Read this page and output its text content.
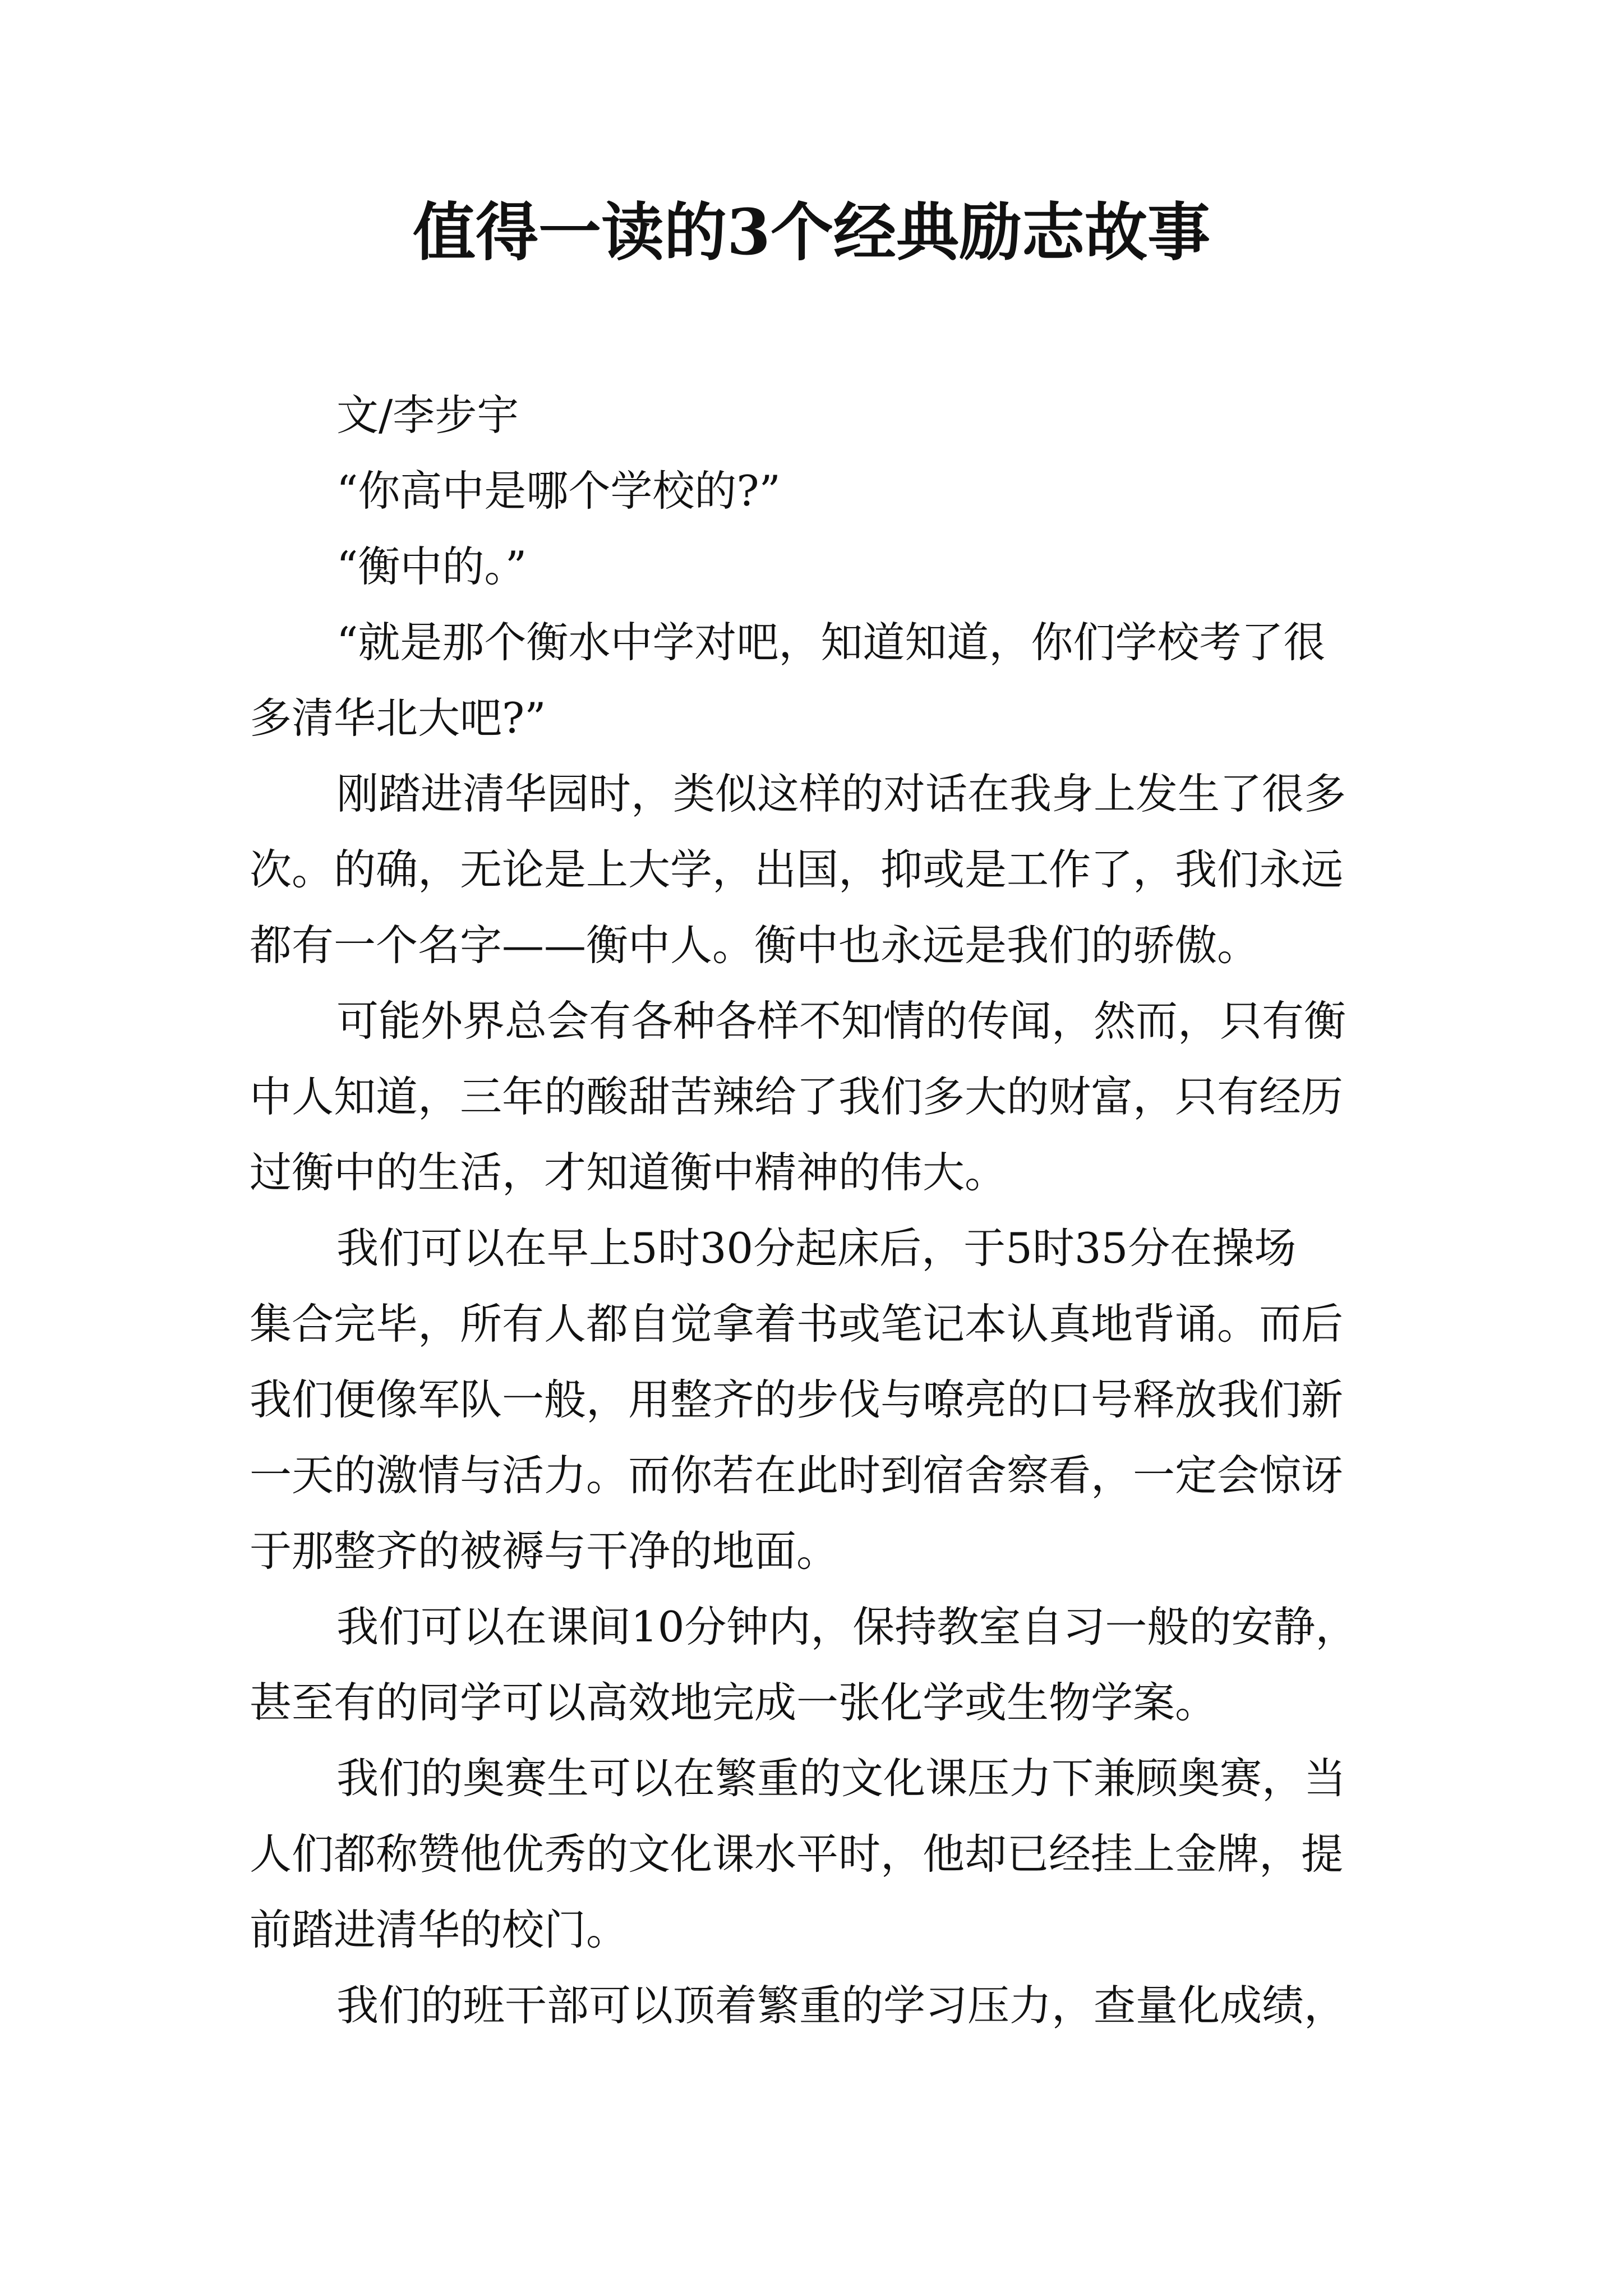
值得一读的3个经典励志故事
文/李步宇
“你高中是哪个学校的?”
“衡中的。”
“就是那个衡水中学对吧，知道知道，你们学校考了很
多清华北大吧?”
刚踏进清华园时，类似这样的对话在我身上发生了很多
次。的确，无论是上大学，出国，抑或是工作了，我们永远
都有一个名字——衡中人。衡中也永远是我们的骄傲。
可能外界总会有各种各样不知情的传闻，然而，只有衡
中人知道，三年的酸甜苦辣给了我们多大的财富，只有经历
过衡中的生活，才知道衡中精神的伟大。
我们可以在早上5时30分起床后，于5时35分在操场
集合完毕，所有人都自觉拿着书或笔记本认真地背诵。而后
我们便像军队一般，用整齐的步伐与嘹亮的口号释放我们新
一天的激情与活力。而你若在此时到宿舍察看，一定会惊讶
于那整齐的被褥与干净的地面。
我们可以在课间10分钟内，保持教室自习一般的安静，
甚至有的同学可以高效地完成一张化学或生物学案。
我们的奥赛生可以在繁重的文化课压力下兼顾奥赛，当
人们都称赞他优秀的文化课水平时，他却已经挂上金牌，提
前踏进清华的校门。
我们的班干部可以顶着繁重的学习压力，查量化成绩，
